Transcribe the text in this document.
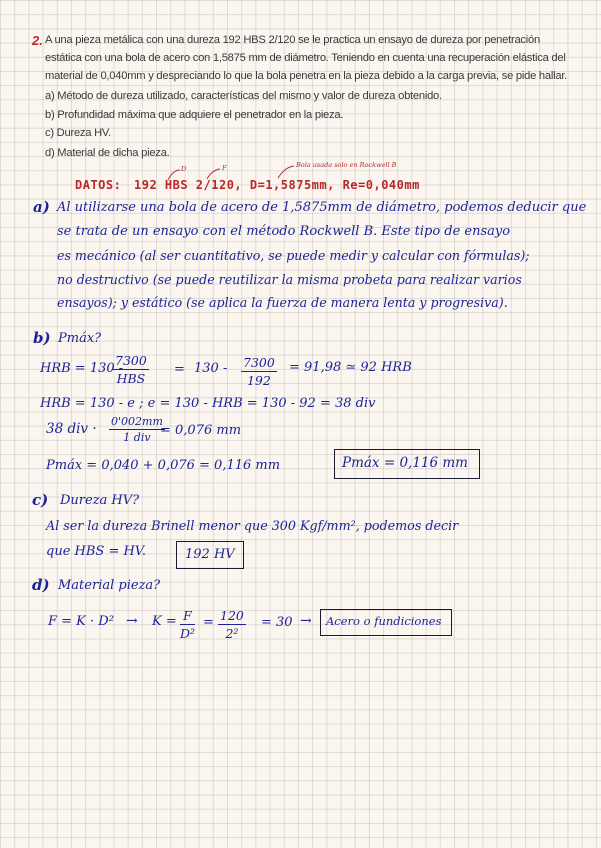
2. A una pieza metálica con una dureza 192 HBS 2/120 se le practica un ensayo de dureza por penetración
estática con una bola de acero con 1,5875 mm de diámetro. Teniendo en cuenta una recuperación elástica del
material de 0,040mm y despreciando lo que la bola penetra en la pieza debido a la carga previa, se pide hallar.
a) Método de dureza utilizado, características del mismo y valor de dureza obtenido.
b) Profundidad máxima que adquiere el penetrador en la pieza.
c) Dureza HV.
d) Material de dicha pieza.
D	F	Bola usada solo en Rockwell B
DATOS: 192 HBS 2/120, D=1,5875mm, Re=0,040mm
a) Al utilizarse una bola de acero de 1,5875mm de diámetro, podemos deducir que
se trata de un ensayo con el método Rockwell B. Este tipo de ensayo
es mecánico (al ser cuantitativo, se puede medir y calcular con fórmulas);
no destructivo (se puede reutilizar la misma probeta para realizar varios
ensayos); y estático (se aplica la fuerza de manera lenta y progresiva).
b) Pmáx?
HRB = 130 -
7300
HBS
= $130 - \frac{7300}{192} = 91,98$ ≃ 92 HRB
HRB = 130 - e ; e = 130 - HRB = 130 - 92 = 38 div
38 div · 0'002mm
1 div = 0,076 mm
Pmáx = 0,040 + 0,076 = 0,116 mm	Pmáx = 0,116 mm
c) Dureza HV?
Al ser la dureza Brinell menor que 300 Kgf/mm², podemos decir
que HBS = HV.	192 HV
d) Material pieza?
$F = K \cdot D^2 \to K = \frac{F}{\text{D²}} = \frac{120}{\text{2²}} = 30$ → Acero o fundiciones
